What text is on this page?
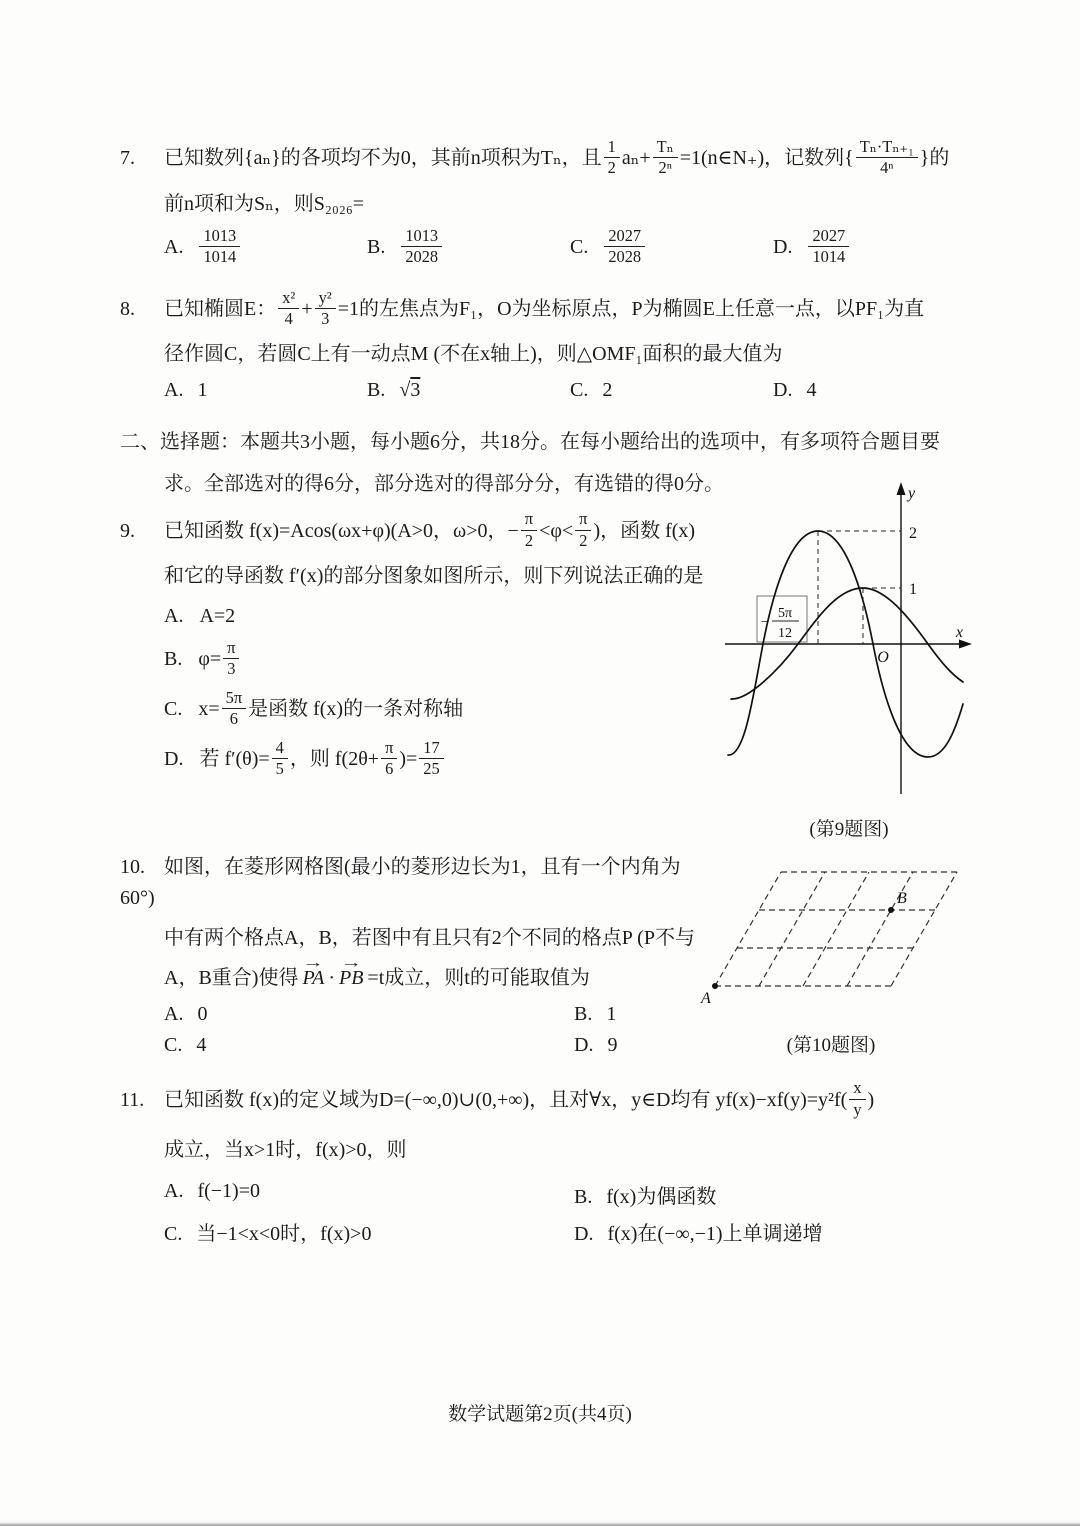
7. 已知数列{aₙ}的各项均不为0，其前n项积为Tₙ，且 $\frac{1}{2} a_n+ \frac{\text{Tₙ}}{\text{2ⁿ}}$ =1(n∈N₊)，记数列{ $\frac{\text{Tₙ·Tₙ₊₁}}{\text{4ⁿ}}$ }的
前n项和为Sₙ，则S₂₀₂₆=
A. $\frac{1013}{1014}$	B. $\frac{1013}{2028}$	C. $\frac{2027}{2028}$	D. $\frac{2027}{1014}$
8. 已知椭圆E： $\frac{\text{x²}}{4} + \frac{\text{y²}}{3} =1$的左焦点为F₁，O为坐标原点，P为椭圆E上任意一点，以PF₁为直
径作圆C，若圆C上有一动点M (不在x轴上)，则△OMF₁面积的最大值为
A. 1	B. √3	C. 2	D. 4
二、选择题：本题共3小题，每小题6分，共18分。在每小题给出的选项中，有多项符合题目要
求。全部选对的得6分，部分选对的得部分分，有选错的得0分。
9. 已知函数 f(x)=Acos(ωx+φ)(A>0，ω>0，− $\frac{\pi}{2} <\varphi< \frac{\pi}{2}$ )，函数 f(x)
和它的导函数 f′(x)的部分图象如图所示，则下列说法正确的是
A. A=2
B. $\varphi= \frac{\pi}{3}$
C. $x= \frac{5\pi}{6}$ 是函数 f(x)的一条对称轴
D. 若 $f'(\theta)= \frac{4}{5}$ ，则 $f(2\theta+ \frac{\pi}{6}$ )= $\frac{17}{25}$
y
x
2
1
−
5π
12
O
(第9题图)
10. 如图，在菱形网格图(最小的菱形边长为1，且有一个内角为60°)
中有两个格点A，B，若图中有且只有2个不同的格点P (P不与
A，B重合)使得 → PA · → PB =t成立，则t的可能取值为
A. 0	B. 1
C. 4	D. 9
A
B
(第10题图)
11. 已知函数 f(x)的定义域为D=(−∞,0)∪(0,+∞)，且对∀x，y∈D均有 $yf(x)-xf(y)=y^2f( \frac{x}{y}$ )
成立，当x>1时，f(x)>0，则
A. f(−1)=0	B. f(x)为偶函数
C. 当−1<x<0时，f(x)>0	D. f(x)在(−∞,−1)上单调递增
数学试题第2页(共4页)
